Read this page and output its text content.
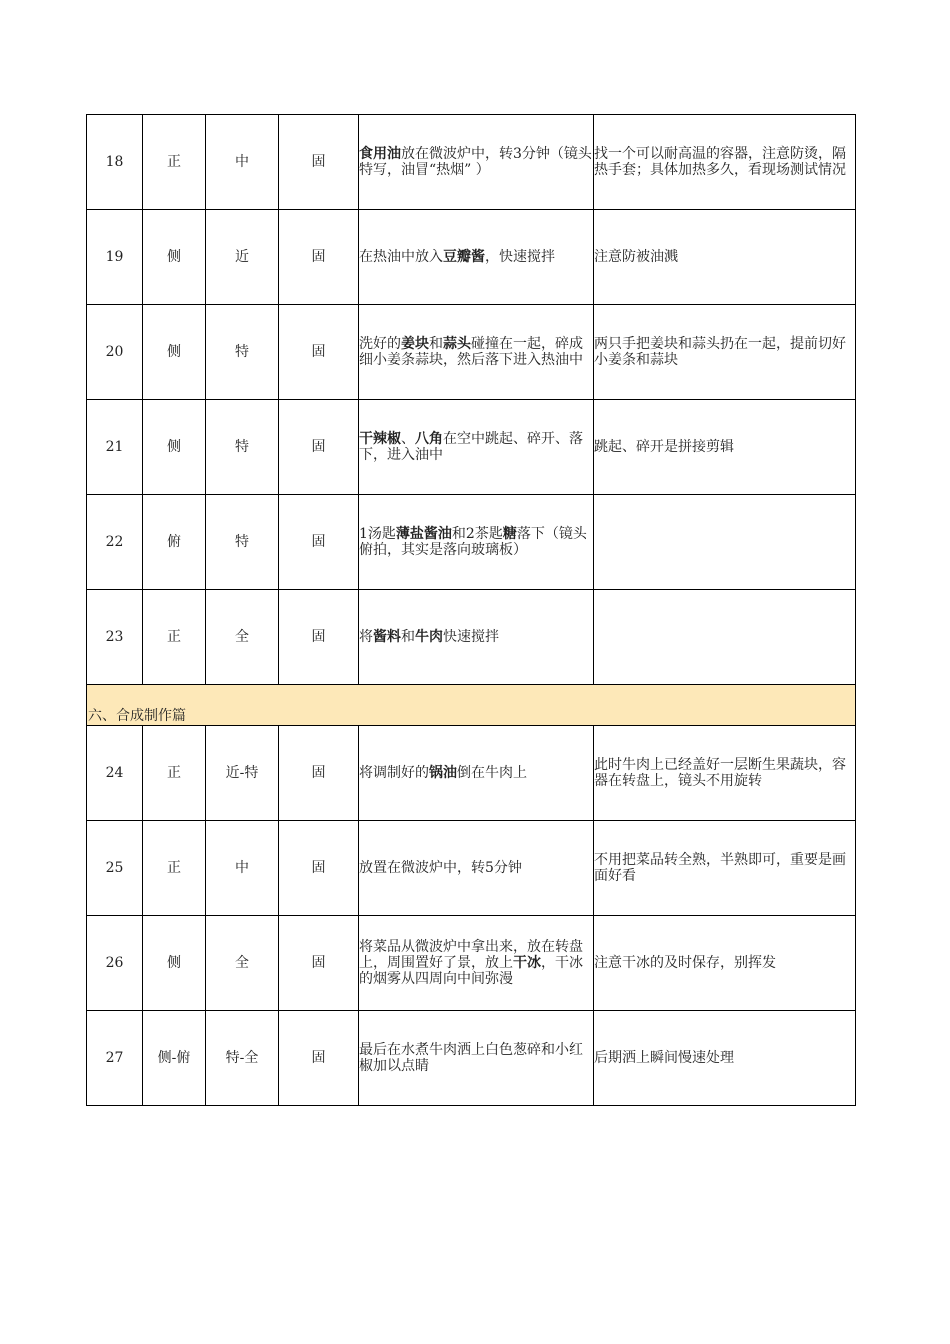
18	正	中	固	食用油放在微波炉中，转3分钟（镜头特写，油冒“热烟” ）	找一个可以耐高温的容器，注意防烫，隔热手套；具体加热多久，看现场测试情况
19	侧	近	固	在热油中放入豆瓣酱，快速搅拌	注意防被油溅
20	侧	特	固	洗好的姜块和蒜头碰撞在一起，碎成细小姜条蒜块，然后落下进入热油中	两只手把姜块和蒜头扔在一起，提前切好小姜条和蒜块
21	侧	特	固	干辣椒、八角在空中跳起、碎开、落下，进入油中	跳起、碎开是拼接剪辑
22	俯	特	固	1汤匙薄盐酱油和2茶匙糖落下（镜头俯拍，其实是落向玻璃板）	
23	正	全	固	将酱料和牛肉快速搅拌	
六、合成制作篇					
24	正	近-特	固	将调制好的锅油倒在牛肉上	此时牛肉上已经盖好一层断生果蔬块，容器在转盘上，镜头不用旋转
25	正	中	固	放置在微波炉中，转5分钟	不用把菜品转全熟，半熟即可，重要是画面好看
26	侧	全	固	将菜品从微波炉中拿出来，放在转盘上，周围置好了景，放上干冰，干冰的烟雾从四周向中间弥漫	注意干冰的及时保存，别挥发
27	侧-俯	特-全	固	最后在水煮牛肉洒上白色葱碎和小红椒加以点睛	后期洒上瞬间慢速处理
